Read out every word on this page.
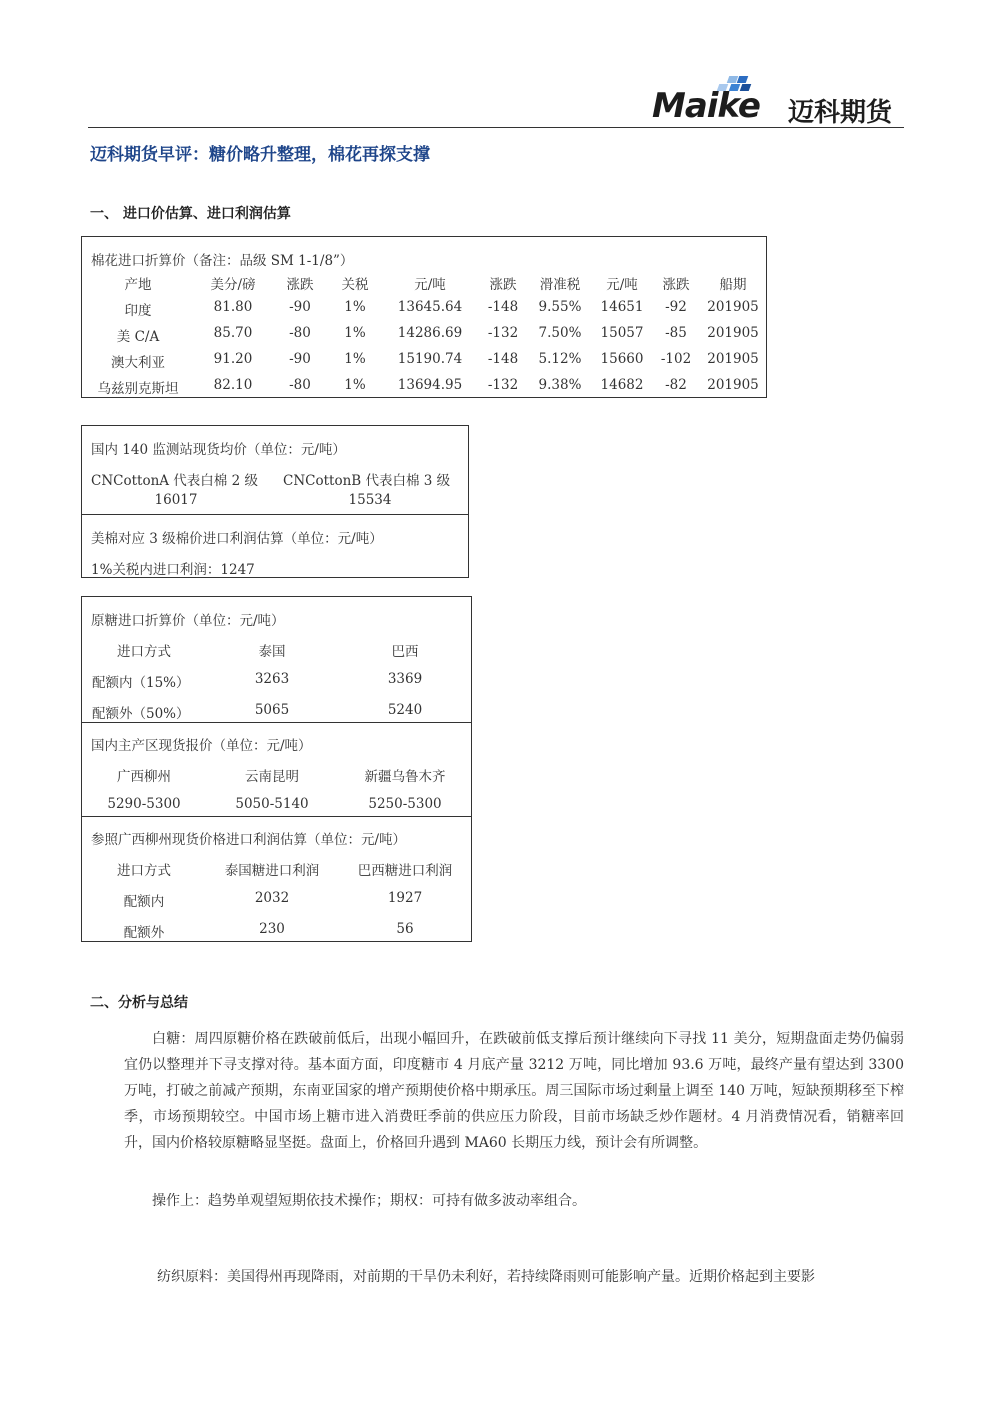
Maike 迈科期货
迈科期货早评：糖价略升整理，棉花再探支撑
一、 进口价估算、进口利润估算
棉花进口折算价（备注：品级 SM 1-1/8”）
产地	美分/磅 涨跌 关税	元/吨	涨跌 滑准税 元/吨 涨跌 船期
印度	81.80	-90 1% 13645.64 -148 9.55% 14651 -92 201905
美 C/A	85.70	-80 1% 14286.69 -132 7.50% 15057 -85 201905
澳大利亚	91.20	-90 1% 15190.74 -148 5.12% 15660 -102 201905
乌兹别克斯坦	82.10	-80 1% 13694.95 -132 9.38% 14682 -82 201905
国内 140 监测站现货均价（单位：元/吨）
CNCottonA 代表白棉 2 级
16017
CNCottonB 代表白棉 3 级
15534
美棉对应 3 级棉价进口利润估算（单位：元/吨）
1%关税内进口利润：1247
原糖进口折算价（单位：元/吨）
进口方式	泰国	巴西
配额内（15%）	3263	3369
配额外（50%）	5065	5240
国内主产区现货报价（单位：元/吨）
广西柳州	云南昆明	新疆乌鲁木齐
5290-5300	5050-5140	5250-5300
参照广西柳州现货价格进口利润估算（单位：元/吨）
进口方式	泰国糖进口利润	巴西糖进口利润
配额内	2032	1927
配额外	230	56
二、分析与总结

白糖：周四原糖价格在跌破前低后，出现小幅回升，在跌破前低支撑后预计继续向下寻找 11 美分，短期盘面走势仍偏弱宜仍以整理并下寻支撑对待。基本面方面，印度糖市 4 月底产量 3212 万吨，同比增加 93.6 万吨，最终产量有望达到 3300 万吨，打破之前减产预期，东南亚国家的增产预期使价格中期承压。周三国际市场过剩量上调至 140 万吨，短缺预期移至下榨季，市场预期较空。中国市场上糖市进入消费旺季前的供应压力阶段，目前市场缺乏炒作题材。4 月消费情况看，销糖率回升，国内价格较原糖略显坚挺。盘面上，价格回升遇到 MA60 长期压力线，预计会有所调整。

操作上：趋势单观望短期依技术操作；期权：可持有做多波动率组合。
纺织原料：美国得州再现降雨，对前期的干旱仍未利好，若持续降雨则可能影响产量。近期价格起到主要影
